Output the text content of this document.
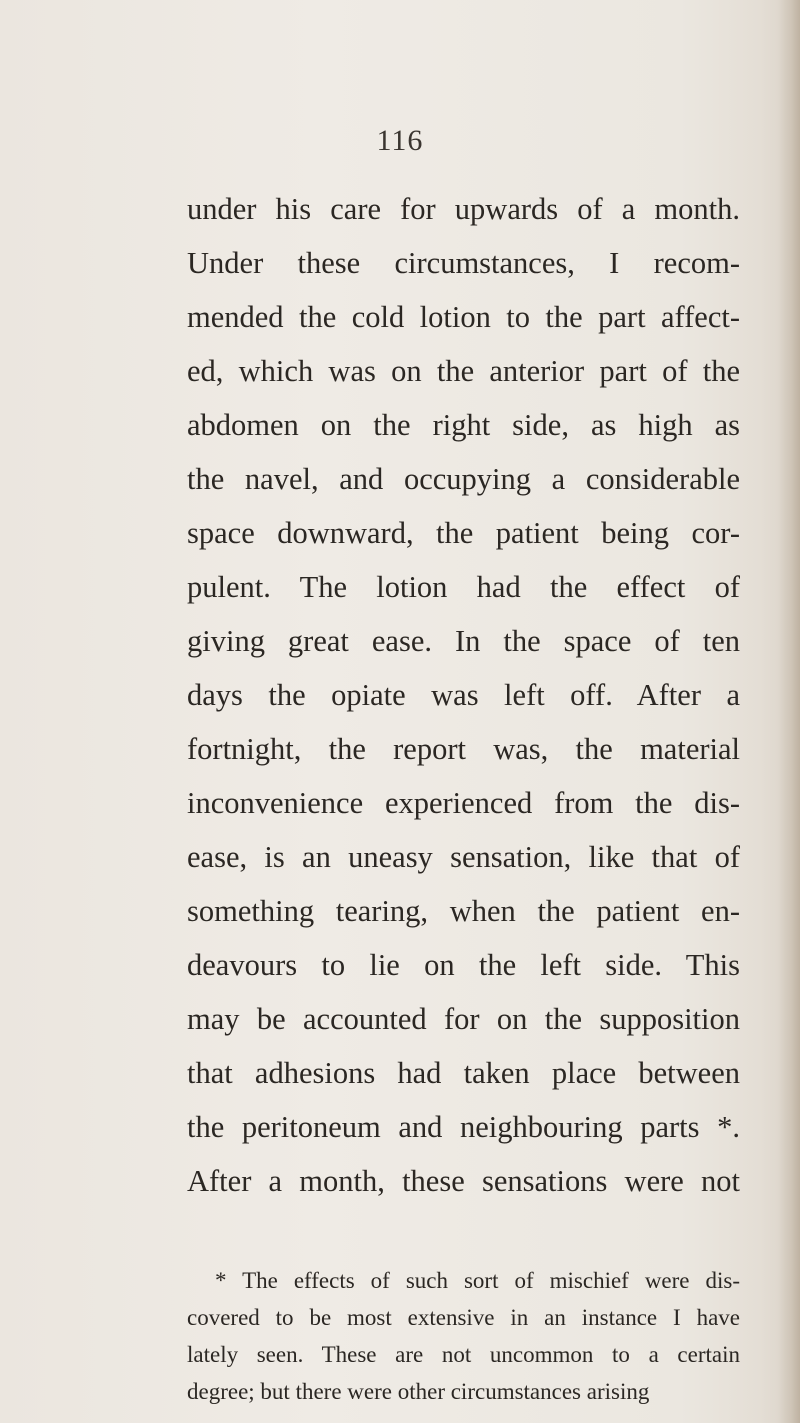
116
under his care for upwards of a month.
Under these circumstances, I recom-
mended the cold lotion to the part affect-
ed, which was on the anterior part of the
abdomen on the right side, as high as
the navel, and occupying a considerable
space downward, the patient being cor-
pulent. The lotion had the effect of
giving great ease. In the space of ten
days the opiate was left off. After a
fortnight, the report was, the material
inconvenience experienced from the dis-
ease, is an uneasy sensation, like that of
something tearing, when the patient en-
deavours to lie on the left side. This
may be accounted for on the supposition
that adhesions had taken place between
the peritoneum and neighbouring parts *.
After a month, these sensations were not
* The effects of such sort of mischief were dis-
covered to be most extensive in an instance I have
lately seen. These are not uncommon to a certain
degree; but there were other circumstances arising
